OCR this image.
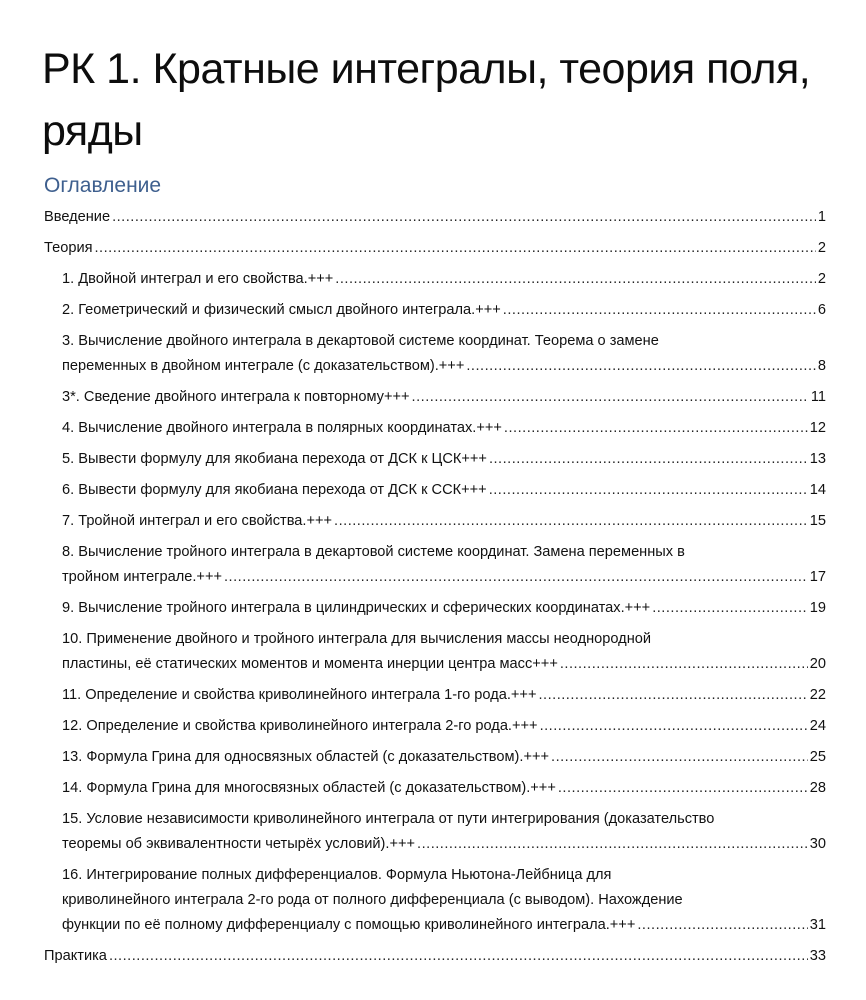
РК 1. Кратные интегралы, теория поля, ряды
Оглавление
Введение .....	1
Теория .....	2
1. Двойной интеграл и его свойства.+++ .....	2
2. Геометрический и физический смысл двойного интеграла.+++ .....	6
3. Вычисление двойного интеграла в декартовой системе координат. Теорема о замене
переменных в двойном интеграле (с доказательством).+++ .....	8
3*. Сведение двойного интеграла к повторному+++ .....	11
4. Вычисление двойного интеграла в полярных координатах.+++ .....	12
5. Вывести формулу для якобиана перехода от ДСК к ЦСК+++ .....	13
6. Вывести формулу для якобиана перехода от ДСК к ССК+++ .....	14
7. Тройной интеграл и его свойства.+++ .....	15
8. Вычисление тройного интеграла в декартовой системе координат. Замена переменных в
тройном интеграле.+++ .....	17
9. Вычисление тройного интеграла в цилиндрических и сферических координатах.+++ .....	19
10. Применение двойного и тройного интеграла для вычисления массы неоднородной
пластины, её статических моментов и момента инерции центра масс+++ .....	20
11. Определение и свойства криволинейного интеграла 1-го рода.+++ .....	22
12. Определение и свойства криволинейного интеграла 2-го рода.+++ .....	24
13. Формула Грина для односвязных областей (с доказательством).+++ .....	25
14. Формула Грина для многосвязных областей (с доказательством).+++ .....	28
15. Условие независимости криволинейного интеграла от пути интегрирования (доказательство
теоремы об эквивалентности четырёх условий).+++ .....	30
16. Интегрирование полных дифференциалов. Формула Ньютона-Лейбница для
криволинейного интеграла 2-го рода от полного дифференциала (с выводом). Нахождение
функции по её полному дифференциалу с помощью криволинейного интеграла.+++ .....	31
Практика .....	33
